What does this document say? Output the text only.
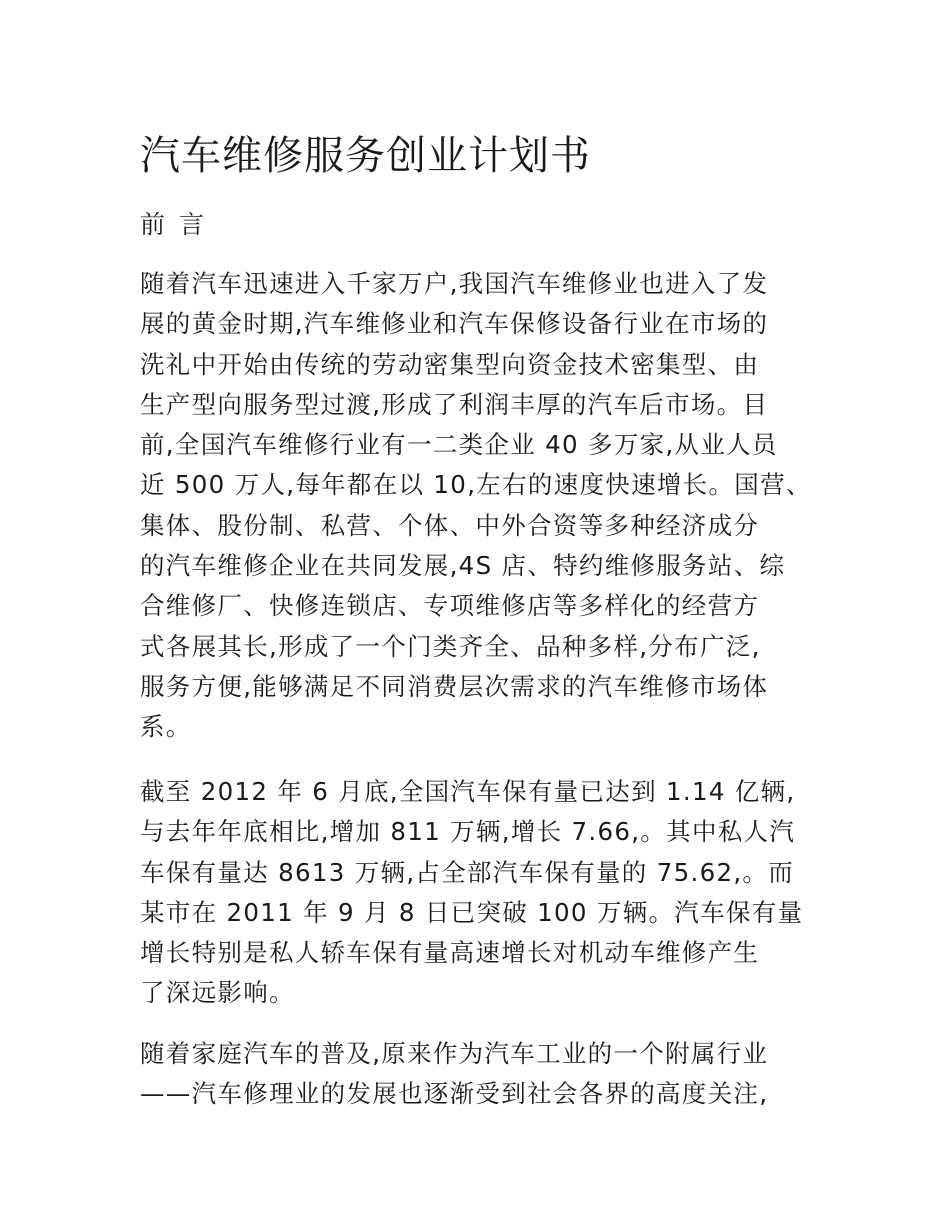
汽车维修服务创业计划书
前 言

随着汽车迅速进入千家万户,我国汽车维修业也进入了发
展的黄金时期,汽车维修业和汽车保修设备行业在市场的
洗礼中开始由传统的劳动密集型向资金技术密集型、由
生产型向服务型过渡,形成了利润丰厚的汽车后市场。目
前,全国汽车维修行业有一二类企业 40 多万家,从业人员
近 500 万人,每年都在以 10,左右的速度快速增长。国营、
集体、股份制、私营、个体、中外合资等多种经济成分
的汽车维修企业在共同发展,4S 店、特约维修服务站、综
合维修厂、快修连锁店、专项维修店等多样化的经营方
式各展其长,形成了一个门类齐全、品种多样,分布广泛,
服务方便,能够满足不同消费层次需求的汽车维修市场体
系。

截至 2012 年 6 月底,全国汽车保有量已达到 1.14 亿辆,
与去年年底相比,增加 811 万辆,增长 7.66,。其中私人汽
车保有量达 8613 万辆,占全部汽车保有量的 75.62,。而
某市在 2011 年 9 月 8 日已突破 100 万辆。汽车保有量
增长特别是私人轿车保有量高速增长对机动车维修产生
了深远影响。

随着家庭汽车的普及,原来作为汽车工业的一个附属行业
——汽车修理业的发展也逐渐受到社会各界的高度关注,
